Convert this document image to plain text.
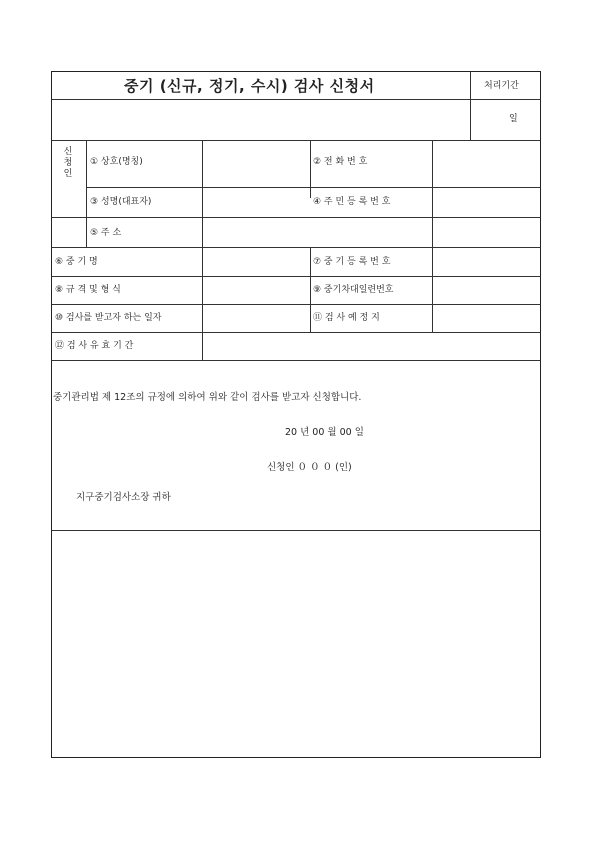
중기 (신규, 정기, 수시) 검사 신청서	처리기간
일
신청인
① 상호(명칭)	② 전 화 번 호
③ 성명(대표자)	④ 주 민 등 록 번 호
⑤ 주 소
⑥ 중 기 명	⑦ 중 기 등 록 번 호
⑧ 규 격 및 형 식	⑨ 중기차대일련번호
⑩ 검사를 받고자 하는 일자	⑪ 검 사 예 정 지
⑫ 검 사 유 효 기 간
중기관리법 제 12조의 규정에 의하여 위와 같이 검사를 받고자 신청합니다.
20 년 00 월 00 일
신청인 ０ ０ ０ (인)
지구중기검사소장 귀하
